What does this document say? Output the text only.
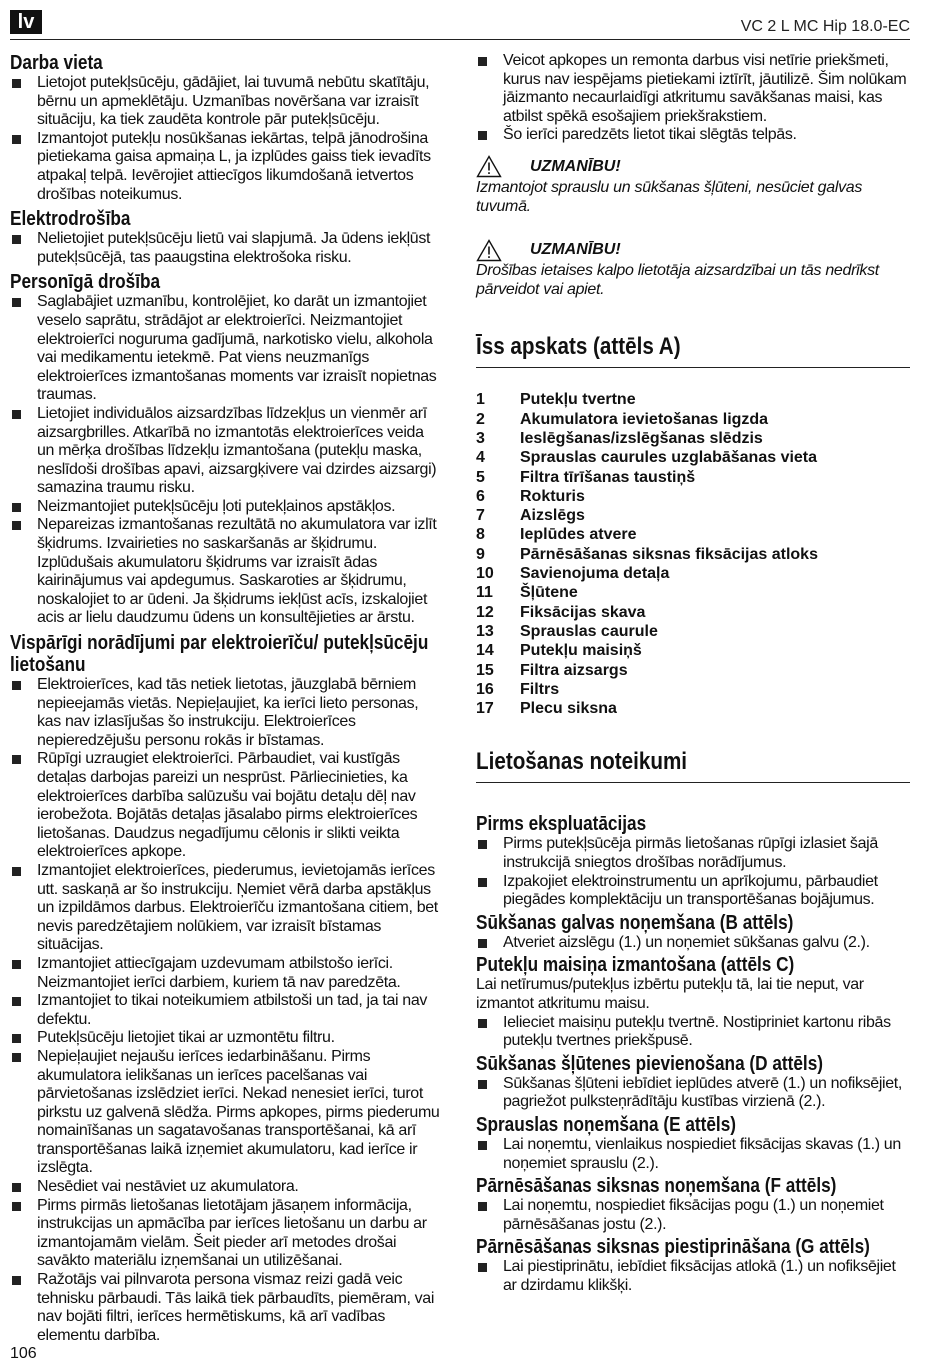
lv	VC 2 L MC Hip 18.0-EC
Darba vieta
Lietojot putekļsūcēju, gādājiet, lai tuvumā nebūtu skatītāju, bērnu un apmeklētāju. Uzmanības novēršana var izraisīt situāciju, ka tiek zaudēta kontrole pār putekļsūcēju.
Izmantojot putekļu nosūkšanas iekārtas, telpā jānodrošina pietiekama gaisa apmaiņa L, ja izplūdes gaiss tiek ievadīts atpakaļ telpā. Ievērojiet attiecīgos likumdošanā ietvertos drošības noteikumus.
Elektrodrošība
Nelietojiet putekļsūcēju lietū vai slapjumā. Ja ūdens iekļūst putekļsūcējā, tas paaugstina elektrošoka risku.
Personīgā drošība
Saglabājiet uzmanību, kontrolējiet, ko darāt un izmantojiet veselo saprātu, strādājot ar elektroierīci. Neizmantojiet elektroierīci noguruma gadījumā, narkotisko vielu, alkohola vai medikamentu ietekmē. Pat viens neuzmanīgs elektroierīces izmantošanas moments var izraisīt nopietnas traumas.
Lietojiet individuālos aizsardzības līdzekļus un vienmēr arī aizsargbrilles. Atkarībā no izmantotās elektroierīces veida un mērķa drošības līdzekļu izmantošana (putekļu maska, neslīdoši drošības apavi, aizsargķivere vai dzirdes aizsargi) samazina traumu risku.
Neizmantojiet putekļsūcēju ļoti putekļainos apstākļos.
Nepareizas izmantošanas rezultātā no akumulatora var izlīt šķidrums. Izvairieties no saskaršanās ar šķidrumu. Izplūdušais akumulatoru šķidrums var izraisīt ādas kairinājumus vai apdegumus. Saskaroties ar šķidrumu, noskalojiet to ar ūdeni. Ja šķidrums iekļūst acīs, izskalojiet acis ar lielu daudzumu ūdens un konsultējieties ar ārstu.
Vispārīgi norādījumi par elektroierīču/ putekļsūcēju lietošanu
Elektroierīces, kad tās netiek lietotas, jāuzglabā bērniem nepieejamās vietās. Nepieļaujiet, ka ierīci lieto personas, kas nav izlasījušas šo instrukciju. Elektroierīces nepieredzējušu personu rokās ir bīstamas.
Rūpīgi uzraugiet elektroierīci. Pārbaudiet, vai kustīgās detaļas darbojas pareizi un nesprūst. Pārliecinieties, ka elektroierīces darbība salūzušu vai bojātu detaļu dēļ nav ierobežota. Bojātās detaļas jāsalabo pirms elektroierīces lietošanas. Daudzus negadījumu cēlonis ir slikti veikta elektroierīces apkope.
Izmantojiet elektroierīces, piederumus, ievietojamās ierīces utt. saskaņā ar šo instrukciju. Ņemiet vērā darba apstākļus un izpildāmos darbus. Elektroierīču izmantošana citiem, bet nevis paredzētajiem nolūkiem, var izraisīt bīstamas situācijas.
Izmantojiet attiecīgajam uzdevumam atbilstošo ierīci. Neizmantojiet ierīci darbiem, kuriem tā nav paredzēta.
Izmantojiet to tikai noteikumiem atbilstoši un tad, ja tai nav defektu.
Putekļsūcēju lietojiet tikai ar uzmontētu filtru.
Nepieļaujiet nejaušu ierīces iedarbināšanu. Pirms akumulatora ielikšanas un ierīces pacelšanas vai pārvietošanas izslēdziet ierīci. Nekad nenesiet ierīci, turot pirkstu uz galvenā slēdža. Pirms apkopes, pirms piederumu nomainīšanas un sagatavošanas transportēšanai, kā arī transportēšanas laikā izņemiet akumulatoru, kad ierīce ir izslēgta.
Nesēdiet vai nestāviet uz akumulatora.
Pirms pirmās lietošanas lietotājam jāsaņem informācija, instrukcijas un apmācība par ierīces lietošanu un darbu ar izmantojamām vielām. Šeit pieder arī metodes drošai savākto materiālu izņemšanai un utilizēšanai.
Ražotājs vai pilnvarota persona vismaz reizi gadā veic tehnisku pārbaudi. Tās laikā tiek pārbaudīts, piemēram, vai nav bojāti filtri, ierīces hermētiskums, kā arī vadības elementu darbība.
Veicot apkopes un remonta darbus visi netīrie priekšmeti, kurus nav iespējams pietiekami iztīrīt, jāutilizē. Šim nolūkam jāizmanto necaurlaidīgi atkritumu savākšanas maisi, kas atbilst spēkā esošajiem priekšrakstiem.
Šo ierīci paredzēts lietot tikai slēgtās telpās.
UZMANĪBU!

Izmantojot sprauslu un sūkšanas šļūteni, nesūciet galvas tuvumā.

UZMANĪBU!

Drošības ietaises kalpo lietotāja aizsardzībai un tās nedrīkst pārveidot vai apiet.

Īss apskats (attēls A)
1	Putekļu tvertne
2	Akumulatora ievietošanas ligzda
3	Ieslēgšanas/izslēgšanas slēdzis
4	Sprauslas caurules uzglabāšanas vieta
5	Filtra tīrīšanas taustiņš
6	Rokturis
7	Aizslēgs
8	Ieplūdes atvere
9	Pārnēsāšanas siksnas fiksācijas atloks
10	Savienojuma detaļa
11	Šļūtene
12	Fiksācijas skava
13	Sprauslas caurule
14	Putekļu maisiņš
15	Filtra aizsargs
16	Filtrs
17	Plecu siksna
Lietošanas noteikumi
Pirms ekspluatācijas
Pirms putekļsūcēja pirmās lietošanas rūpīgi izlasiet šajā instrukcijā sniegtos drošības norādījumus.
Izpakojiet elektroinstrumentu un aprīkojumu, pārbaudiet piegādes komplektāciju un transportēšanas bojājumus.
Sūkšanas galvas noņemšana (B attēls)
Atveriet aizslēgu (1.) un noņemiet sūkšanas galvu (2.).
Putekļu maisiņa izmantošana (attēls C)

Lai netīrumus/putekļus izbērtu putekļu tā, lai tie neput, var izmantot atkritumu maisu.

Ielieciet maisiņu putekļu tvertnē. Nostipriniet kartonu ribās putekļu tvertnes priekšpusē.
Sūkšanas šļūtenes pievienošana (D attēls)
Sūkšanas šļūteni iebīdiet ieplūdes atverē (1.) un nofiksējiet, pagriežot pulksteņrādītāju kustības virzienā (2.).
Sprauslas noņemšana (E attēls)
Lai noņemtu, vienlaikus nospiediet fiksācijas skavas (1.) un noņemiet sprauslu (2.).
Pārnēsāšanas siksnas noņemšana (F attēls)
Lai noņemtu, nospiediet fiksācijas pogu (1.) un noņemiet pārnēsāšanas jostu (2.).
Pārnēsāšanas siksnas piestiprināšana (G attēls)
Lai piestiprinātu, iebīdiet fiksācijas atlokā (1.) un nofiksējiet ar dzirdamu klikšķi.
106
